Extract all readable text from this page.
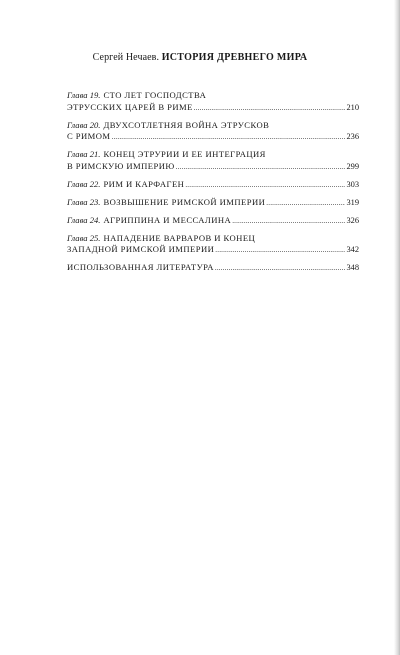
Сергей Нечаев. ИСТОРИЯ ДРЕВНЕГО МИРА
Глава 19. СТО ЛЕТ ГОСПОДСТВА
ЭТРУССКИХ ЦАРЕЙ В РИМЕ .....	210
Глава 20. ДВУХСОТЛЕТНЯЯ ВОЙНА ЭТРУСКОВ
С РИМОМ .....	236
Глава 21. КОНЕЦ ЭТРУРИИ И ЕЕ ИНТЕГРАЦИЯ
В РИМСКУЮ ИМПЕРИЮ .....	299
Глава 22. РИМ И КАРФАГЕН .....	303
Глава 23. ВОЗВЫШЕНИЕ РИМСКОЙ ИМПЕРИИ .....	319
Глава 24. АГРИППИНА И МЕССАЛИНА .....	326
Глава 25. НАПАДЕНИЕ ВАРВАРОВ И КОНЕЦ
ЗАПАДНОЙ РИМСКОЙ ИМПЕРИИ .....	342
ИСПОЛЬЗОВАННАЯ ЛИТЕРАТУРА .....	348
